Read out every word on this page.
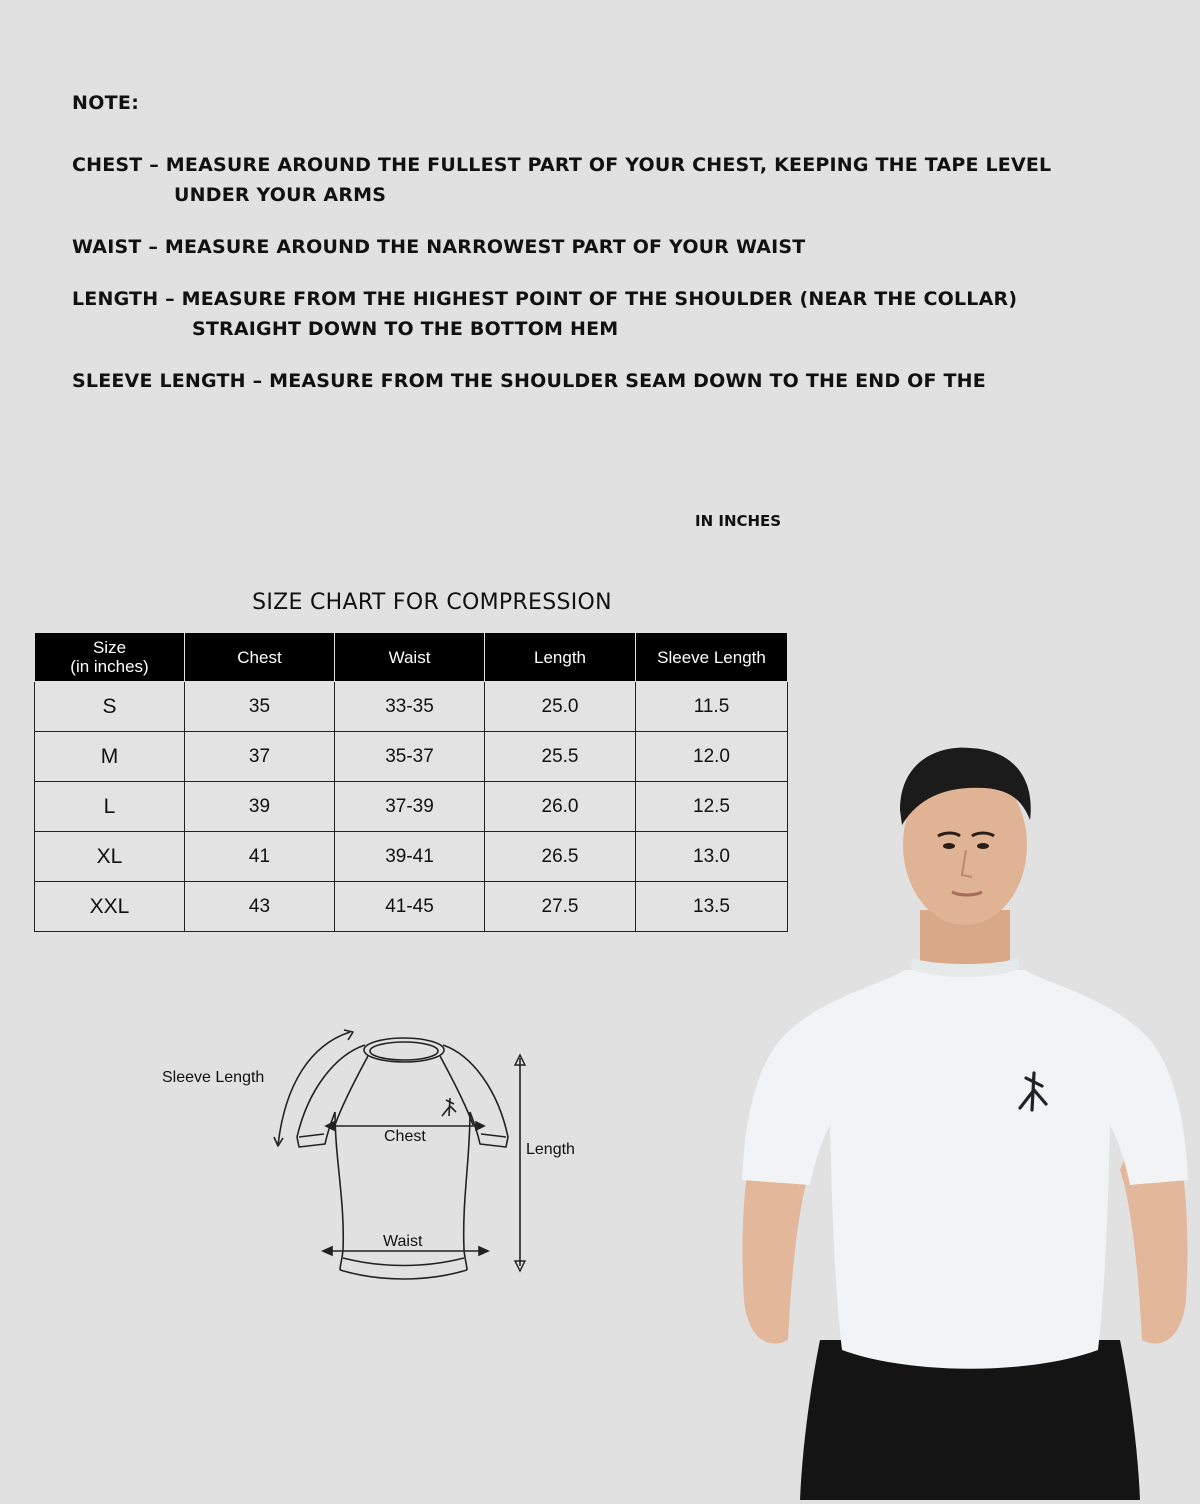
NOTE:
CHEST – MEASURE AROUND THE FULLEST PART OF YOUR CHEST, KEEPING THE TAPE LEVEL
UNDER YOUR ARMS
WAIST – MEASURE AROUND THE NARROWEST PART OF YOUR WAIST
LENGTH – MEASURE FROM THE HIGHEST POINT OF THE SHOULDER (NEAR THE COLLAR)
STRAIGHT DOWN TO THE BOTTOM HEM
SLEEVE LENGTH – MEASURE FROM THE SHOULDER SEAM DOWN TO THE END OF THE
IN INCHES
SIZE CHART FOR COMPRESSION
Size
(in inches)	Chest	Waist	Length	Sleeve Length
S	35	33-35	25.0	11.5
M	37	35-37	25.5	12.0
L	39	37-39	26.0	12.5
XL	41	39-41	26.5	13.0
XXL	43	41-45	27.5	13.5
Sleeve Length
Chest
Length
Waist
